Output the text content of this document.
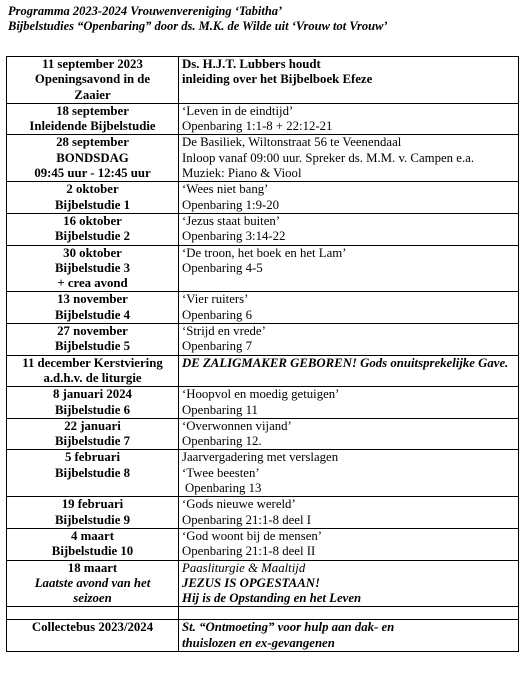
Programma 2023-2024 Vrouwenvereniging ‘Tabitha’
Bijbelstudies “Openbaring” door ds. M.K. de Wilde uit ‘Vrouw tot Vrouw’
11 september 2023
Openingsavond in de
Zaaier	Ds. H.J.T. Lubbers houdt
inleiding over het Bijbelboek Efeze

18 september
Inleidende Bijbelstudie	‘Leven in de eindtijd’
Openbaring 1:1-8 + 22:12-21

28 september
BONDSDAG
09:45 uur - 12:45 uur	De Basiliek, Wiltonstraat 56 te Veenendaal
Inloop vanaf 09:00 uur. Spreker ds. M.M. v. Campen e.a.
Muziek: Piano & Viool

2 oktober
Bijbelstudie 1	‘Wees niet bang’
Openbaring 1:9-20

16 oktober
Bijbelstudie 2	‘Jezus staat buiten’
Openbaring 3:14-22

30 oktober
Bijbelstudie 3
+ crea avond	‘De troon, het boek en het Lam’
Openbaring 4-5

13 november
Bijbelstudie 4	‘Vier ruiters’
Openbaring 6

27 november
Bijbelstudie 5	‘Strijd en vrede’
Openbaring 7

11 december Kerstviering
a.d.h.v. de liturgie	DE ZALIGMAKER GEBOREN! Gods onuitsprekelijke Gave.

8 januari 2024
Bijbelstudie 6	‘Hoopvol en moedig getuigen’
Openbaring 11

22 januari
Bijbelstudie 7	‘Overwonnen vijand’
Openbaring 12.

5 februari
Bijbelstudie 8	Jaarvergadering met verslagen
‘Twee beesten’
Openbaring 13

19 februari
Bijbelstudie 9	‘Gods nieuwe wereld’
Openbaring 21:1-8 deel I

4 maart
Bijbelstudie 10	‘God woont bij de mensen’
Openbaring 21:1-8 deel II

18 maart
Laatste avond van het
seizoen	Paasliturgie & Maaltijd
JEZUS IS OPGESTAAN!
Hij is de Opstanding en het Leven

Collectebus 2023/2024	St. “Ontmoeting” voor hulp aan dak- en
thuislozen en ex-gevangenen
